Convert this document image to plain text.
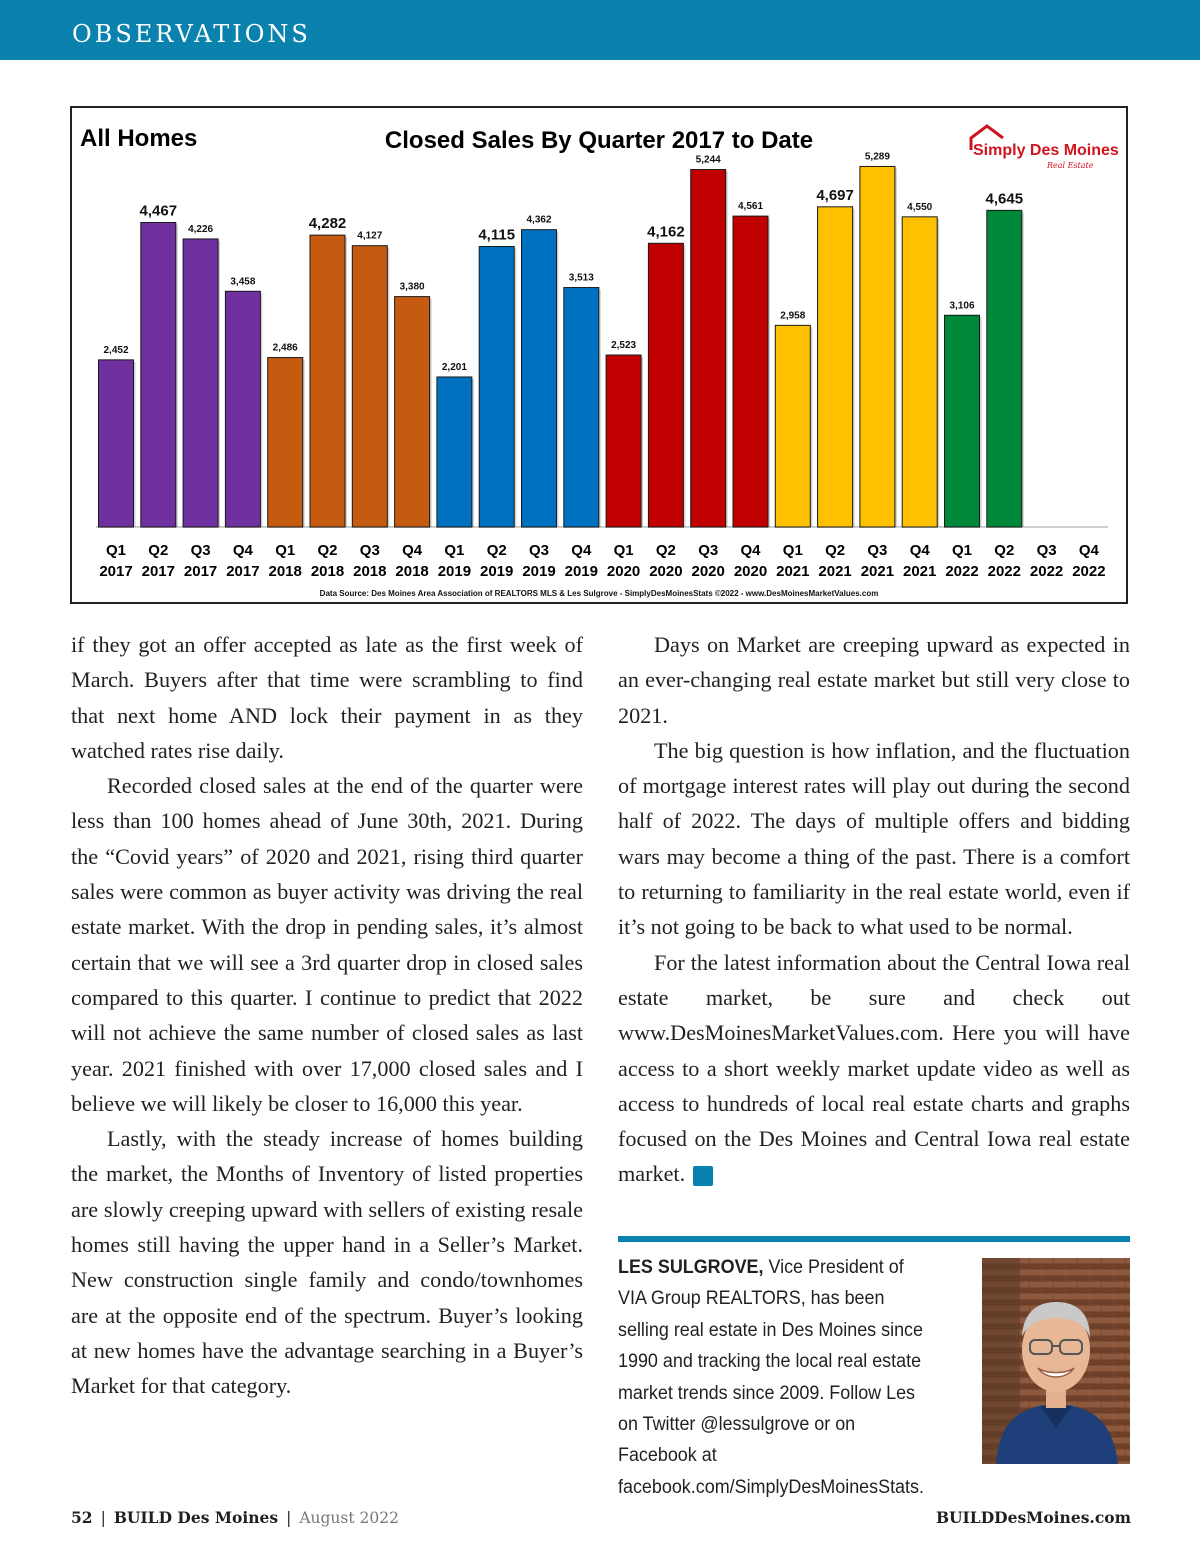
OBSERVATIONS
All Homes	Closed Sales By Quarter 2017 to Date
2,452
4,467
4,226
3,458
2,486
4,282
4,127
3,380
2,201
4,115
4,362
3,513
2,523
4,162
5,244
4,561
2,958
4,697
5,289
4,550
3,106
4,645
Q1
2017
Q2
2017
Q3
2017
Q4
2017
Q1
2018
Q2
2018
Q3
2018
Q4
2018
Q1
2019
Q2
2019
Q3
2019
Q4
2019
Q1
2020
Q2
2020
Q3
2020
Q4
2020
Q1
2021
Q2
2021
Q3
2021
Q4
2021
Q1
2022
Q2
2022
Q3
2022
Q4
2022
Data Source: Des Moines Area Association of REALTORS MLS & Les Sulgrove - SimplyDesMoinesStats ©2022 - www.DesMoinesMarketValues.com
Simply Des Moines
Real Estate

if they got an offer accepted as late as the first week of March. Buyers after that time were scrambling to find that next home AND lock their payment in as they watched rates rise daily.

Recorded closed sales at the end of the quarter were less than 100 homes ahead of June 30th, 2021. During the “Covid years” of 2020 and 2021, rising third quarter sales were common as buyer activity was driving the real estate market. With the drop in pending sales, it’s almost certain that we will see a 3rd quarter drop in closed sales compared to this quarter. I continue to predict that 2022 will not achieve the same number of closed sales as last year. 2021 finished with over 17,000 closed sales and I believe we will likely be closer to 16,000 this year.

Lastly, with the steady increase of homes building the market, the Months of Inventory of listed properties are slowly creeping upward with sellers of existing resale homes still having the upper hand in a Seller’s Market. New construction single family and condo/townhomes are at the opposite end of the spectrum. Buyer’s looking at new homes have the advantage searching in a Buyer’s Market for that category.

Days on Market are creeping upward as expected in an ever-changing real estate market but still very close to 2021.

The big question is how inflation, and the fluctuation of mortgage interest rates will play out during the second half of 2022. The days of multiple offers and bidding wars may become a thing of the past. There is a comfort to returning to familiarity in the real estate world, even if it’s not going to be back to what used to be normal.

For the latest information about the Central Iowa real estate market, be sure and check out www.DesMoinesMarketValues.com. Here you will have access to a short weekly market update video as well as access to hundreds of local real estate charts and graphs focused on the Des Moines and Central Iowa real estate market.	B

LES SULGROVE, Vice President of VIA Group REALTORS, has been selling real estate in Des Moines since 1990 and tracking the local real estate market trends since 2009. Follow Les on Twitter @lessulgrove or on Facebook at facebook.com/SimplyDesMoinesStats.
52 | BUILD Des Moines | August 2022	BUILDDesMoines.com
